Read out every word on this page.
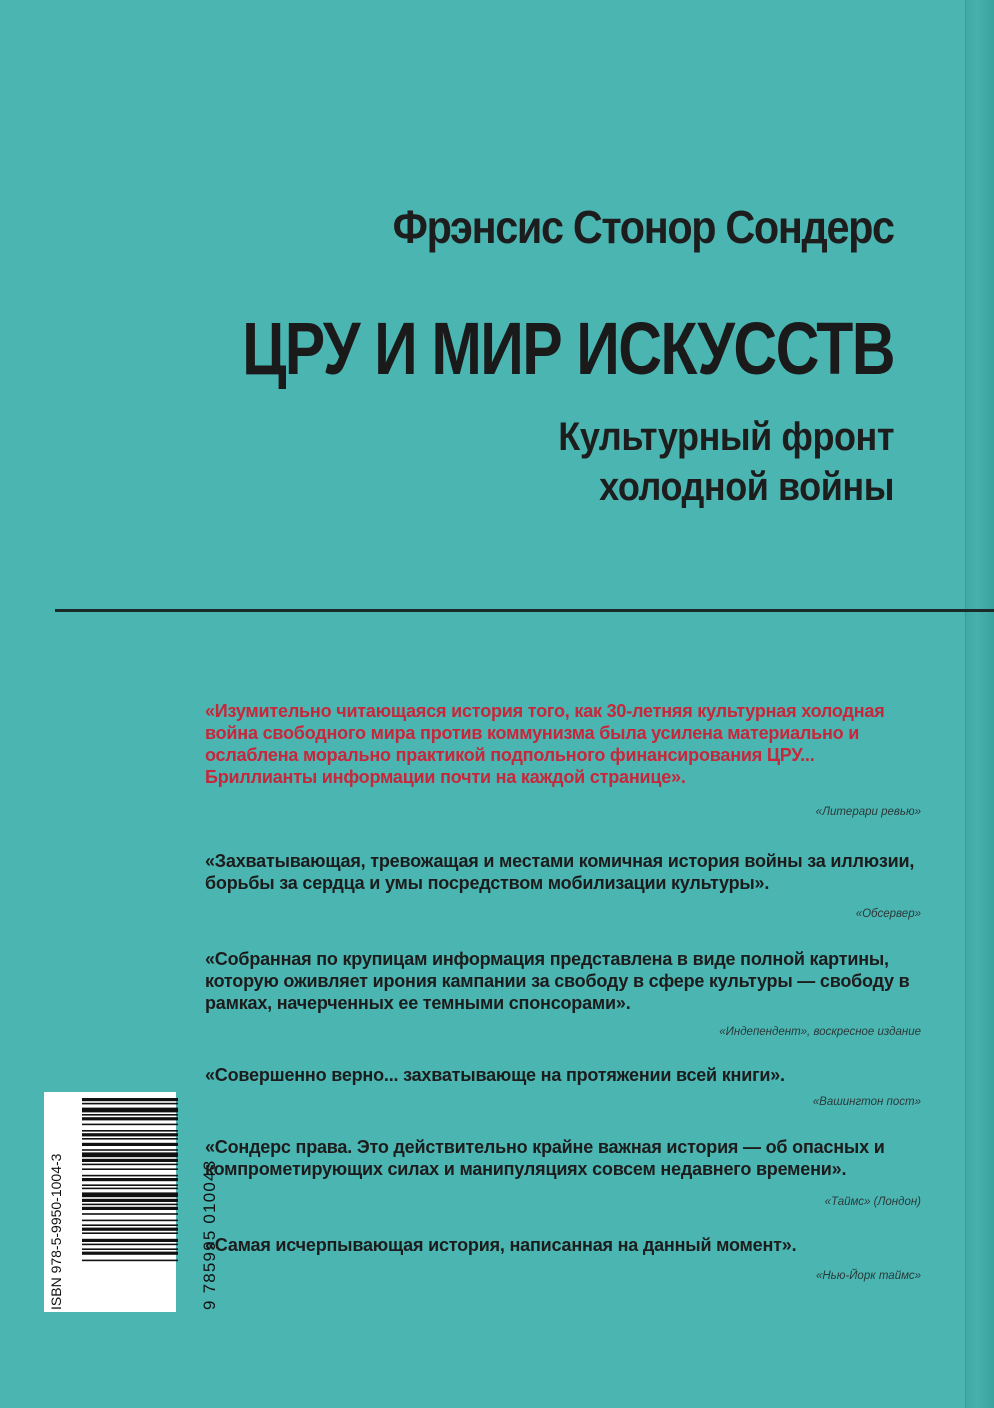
Фрэнсис Стонор Сондерс
ЦРУ И МИР ИСКУССТВ
Культурный фронт
холодной войны
«Изумительно читающаяся история того, как 30-летняя культурная холодная война свободного мира против коммунизма была усилена материально и ослаблена морально практикой подпольного финансирования ЦРУ... Бриллианты информации почти на каждой странице».
«Литерари ревью»
«Захватывающая, тревожащая и местами комичная история войны за иллюзии, борьбы за сердца и умы посредством мобилизации культуры».
«Обсервер»
«Собранная по крупицам информация представлена в виде полной картины, которую оживляет ирония кампании за свободу в сфере культуры — свободу в рамках, начерченных ее темными спонсорами».
«Индепендент», воскресное издание
«Совершенно верно... захватывающе на протяжении всей книги».
«Вашингтон пост»
«Сондерс права. Это действительно крайне важная история — об опасных и компрометирующих силах и манипуляциях совсем недавнего времени».
«Таймс» (Лондон)
«Самая исчерпывающая история, написанная на данный момент».
«Нью-Йорк таймс»
ISBN 978-5-9950-1004-3	9 785995 010043
